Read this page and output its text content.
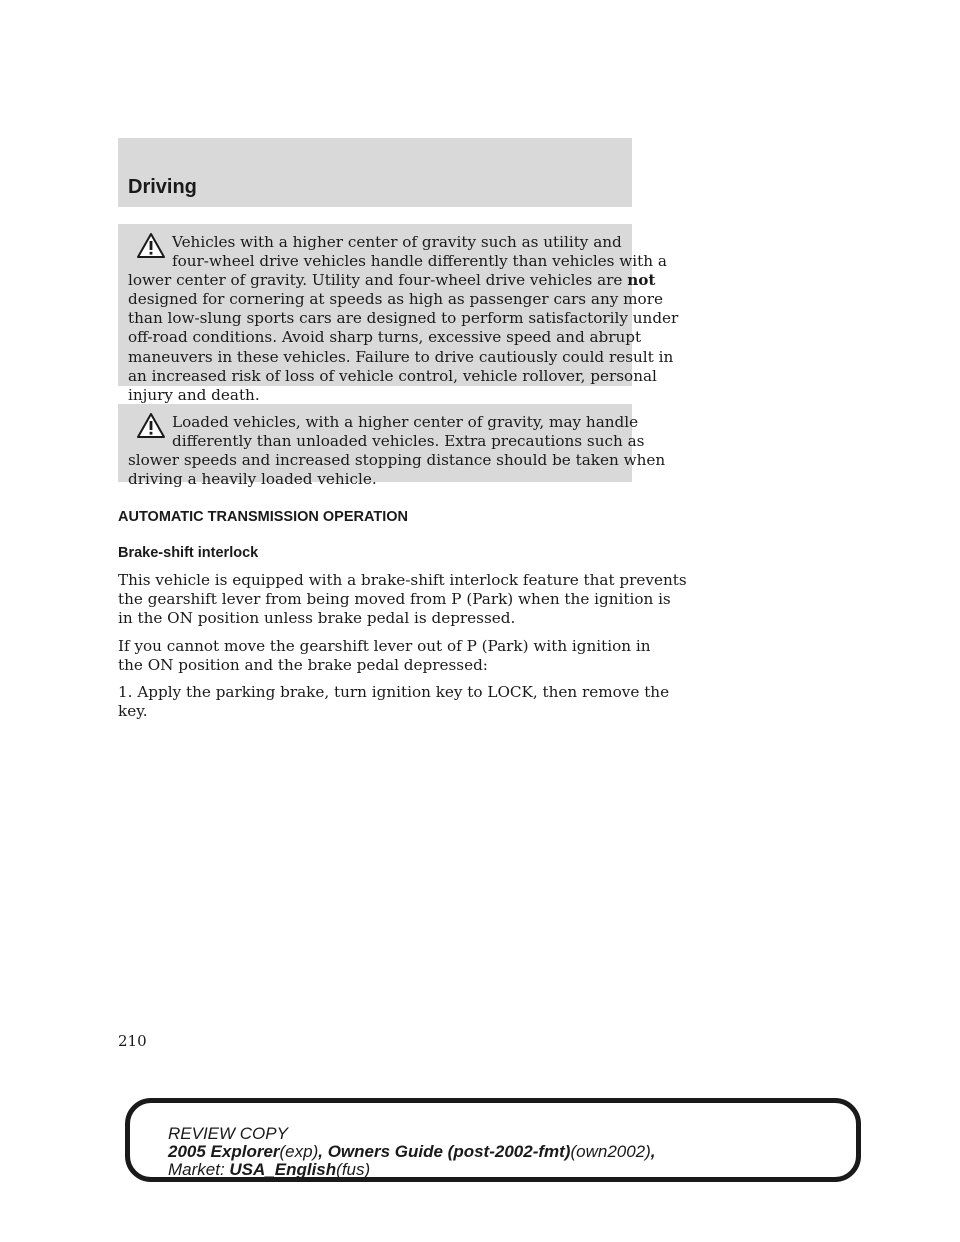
Driving
Vehicles with a higher center of gravity such as utility and
four-wheel drive vehicles handle differently than vehicles with a
lower center of gravity. Utility and four-wheel drive vehicles are not
designed for cornering at speeds as high as passenger cars any more
than low-slung sports cars are designed to perform satisfactorily under
off-road conditions. Avoid sharp turns, excessive speed and abrupt
maneuvers in these vehicles. Failure to drive cautiously could result in
an increased risk of loss of vehicle control, vehicle rollover, personal
injury and death.
Loaded vehicles, with a higher center of gravity, may handle
differently than unloaded vehicles. Extra precautions such as
slower speeds and increased stopping distance should be taken when
driving a heavily loaded vehicle.
AUTOMATIC TRANSMISSION OPERATION
Brake-shift interlock

This vehicle is equipped with a brake-shift interlock feature that prevents
the gearshift lever from being moved from P (Park) when the ignition is
in the ON position unless brake pedal is depressed.

If you cannot move the gearshift lever out of P (Park) with ignition in
the ON position and the brake pedal depressed:

1. Apply the parking brake, turn ignition key to LOCK, then remove the
key.

210
REVIEW COPY
2005 Explorer(exp), Owners Guide (post-2002-fmt)(own2002),
Market: USA_English(fus)
